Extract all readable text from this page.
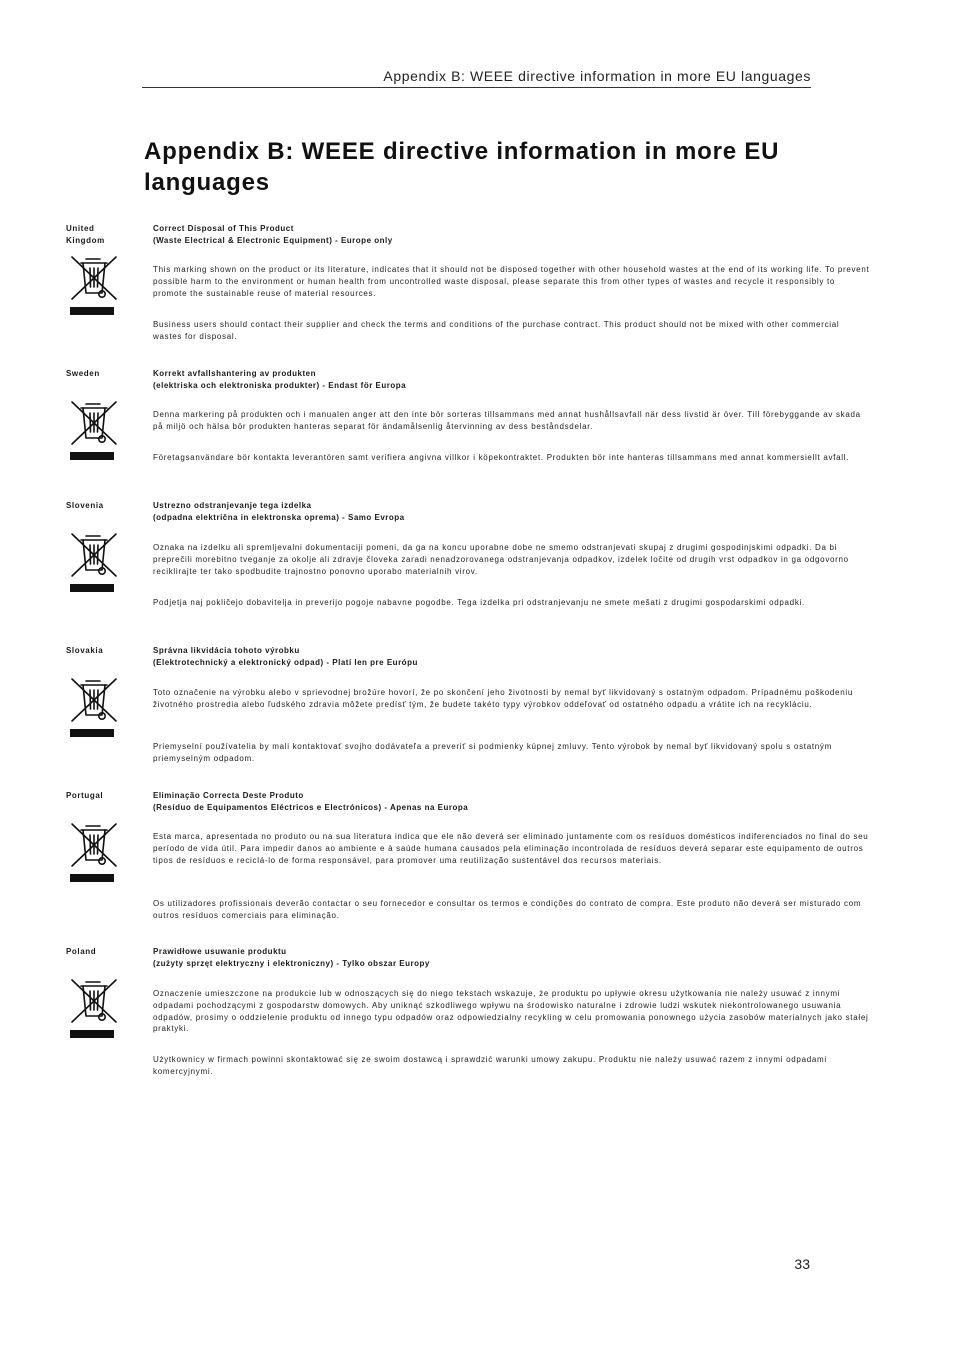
Appendix B: WEEE directive information in more EU languages
Appendix B: WEEE directive information in more EU languages
United
Kingdom
Correct Disposal of This Product
(Waste Electrical & Electronic Equipment) - Europe only
This marking shown on the product or its literature, indicates that it should not be disposed together with other household wastes at the end of its working life. To prevent possible harm to the environment or human health from uncontrolled waste disposal, please separate this from other types of wastes and recycle it responsibly to promote the sustainable reuse of material resources.
Business users should contact their supplier and check the terms and conditions of the purchase contract. This product should not be mixed with other commercial wastes for disposal.
Sweden	Korrekt avfallshantering av produkten
(elektriska och elektroniska produkter) - Endast för Europa
Denna markering på produkten och i manualen anger att den inte bör sorteras tillsammans med annat hushållsavfall när dess livstid är över. Till förebyggande av skada på miljö och hälsa bör produkten hanteras separat för ändamålsenlig återvinning av dess beståndsdelar.
Företagsanvändare bör kontakta leverantören samt verifiera angivna villkor i köpekontraktet. Produkten bör inte hanteras tillsammans med annat kommersiellt avfall.
Slovenia	Ustrezno odstranjevanje tega izdelka
(odpadna električna in elektronska oprema) - Samo Evropa
Oznaka na izdelku ali spremljevalni dokumentaciji pomeni, da ga na koncu uporabne dobe ne smemo odstranjevati skupaj z drugimi gospodinjskimi odpadki. Da bi preprečili morebitno tveganje za okolje ali zdravje človeka zaradi nenadzorovanega odstranjevanja odpadkov, izdelek ločite od drugih vrst odpadkov in ga odgovorno reciklirajte ter tako spodbudite trajnostno ponovno uporabo materialnih virov.
Podjetja naj pokličejo dobavitelja in preverijo pogoje nabavne pogodbe. Tega izdelka pri odstranjevanju ne smete mešati z drugimi gospodarskimi odpadki.
Slovakia	Správna likvidácia tohoto výrobku
(Elektrotechnický a elektronický odpad) - Platí len pre Európu
Toto označenie na výrobku alebo v sprievodnej brožúre hovorí, že po skončení jeho životnosti by nemal byť likvidovaný s ostatným odpadom. Prípadnému poškodeniu životného prostredia alebo ľudského zdravia môžete predísť tým, že budete takéto typy výrobkov oddeľovať od ostatného odpadu a vrátite ich na recykláciu.
Priemyselní používatelia by mali kontaktovať svojho dodávateľa a preveriť si podmienky kúpnej zmluvy. Tento výrobok by nemal byť likvidovaný spolu s ostatným priemyselným odpadom.
Portugal	Eliminação Correcta Deste Produto
(Resíduo de Equipamentos Eléctricos e Electrónicos) - Apenas na Europa
Esta marca, apresentada no produto ou na sua literatura indica que ele não deverá ser eliminado juntamente com os resíduos domésticos indiferenciados no final do seu período de vida útil. Para impedir danos ao ambiente e à saúde humana causados pela eliminação incontrolada de resíduos deverá separar este equipamento de outros tipos de resíduos e reciclá-lo de forma responsável, para promover uma reutilização sustentável dos recursos materiais.
Os utilizadores profissionais deverão contactar o seu fornecedor e consultar os termos e condições do contrato de compra. Este produto não deverá ser misturado com outros resíduos comerciais para eliminação.
Poland	Prawidłowe usuwanie produktu
(zużyty sprzęt elektryczny i elektroniczny) - Tylko obszar Europy
Oznaczenie umieszczone na produkcie lub w odnoszących się do niego tekstach wskazuje, że produktu po upływie okresu użytkowania nie należy usuwać z innymi odpadami pochodzącymi z gospodarstw domowych. Aby uniknąć szkodliwego wpływu na środowisko naturalne i zdrowie ludzi wskutek niekontrolowanego usuwania odpadów, prosimy o oddzielenie produktu od innego typu odpadów oraz odpowiedzialny recykling w celu promowania ponownego użycia zasobów materialnych jako stałej praktyki.
Użytkownicy w firmach powinni skontaktować się ze swoim dostawcą i sprawdzić warunki umowy zakupu. Produktu nie należy usuwać razem z innymi odpadami komercyjnymi.
33
